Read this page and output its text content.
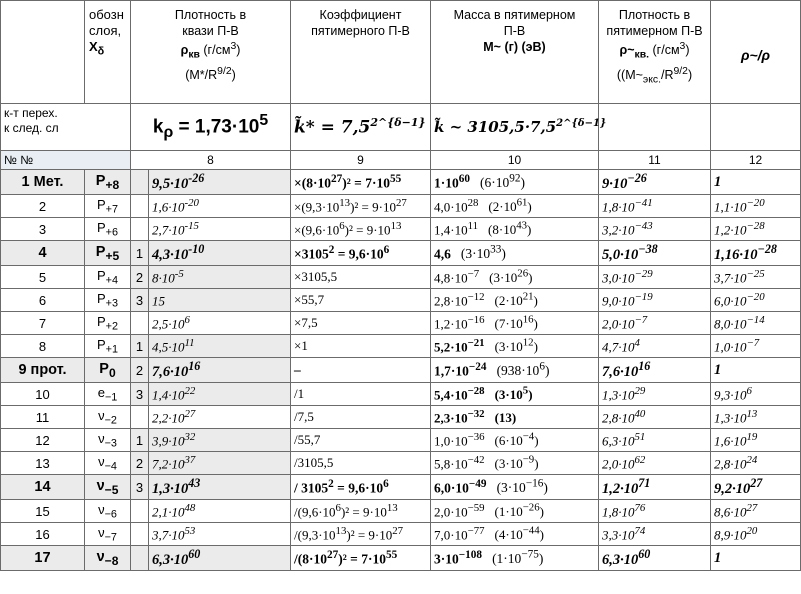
	обозн
слоя,
$X_\delta$	Плотность в
квази П-В
$\rho_{кв}$ $(г/см^3)$
$(M*/R^{9/2})$		Коэффициент
пятимерного П-В	Масса в пятимерном
П-В
M~ (г) (эВ)	Плотность в
пятимерном П-В
$\rho\sim_{кв.}$ $(г/см^3)$
($(M\sim_{экс.}/R^{9/2})$	ρ~/ρ
к-т перех.
к след. сл		$k_\rho = 1,73\cdot 10^5$		k̃* = $7,5^{2\^{}\{\delta-1\}}$	k̃ ~ $3105,5\cdot 7,5^{2\^{}\{\delta-1\}}$		
№ №		8		9	10	11	12
1 Мет.	$P_{+8}$		$9,5\cdot 10^{-26}$	$\times(8\cdot 10^{27})^2 = 7\cdot 10^{55}$	$1\cdot 10^{60}$ $(6\cdot 10^{92})$	$9\cdot 10^{-26}$	1
2	$P_{+7}$		$1,6\cdot 10^{-20}$	$\times(9,3\cdot 10^{13})^2 = 9\cdot 10^{27}$	$4,0\cdot 10^{28}$ $(2\cdot 10^{61})$	$1,8\cdot 10^{-41}$	$1,1\cdot 10^{-20}$
3	$P_{+6}$		$2,7\cdot 10^{-15}$	$\times(9,6\cdot 10^6)^2 = 9\cdot 10^{13}$	$1,4\cdot 10^{11}$ $(8\cdot 10^{43})$	$3,2\cdot 10^{-43}$	$1,2\cdot 10^{-28}$
4	$P_{+5}$	1	$4,3\cdot 10^{-10}$	$\times 3105^2 = 9,6\cdot 10^6$	4,6 $(3\cdot 10^{33})$	$5,0\cdot 10^{-38}$	$1,16\cdot 10^{-28}$
5	$P_{+4}$	2	$8\cdot 10^{-5}$	×3105,5	$4,8\cdot 10^{-7}$ $(3\cdot 10^{26})$	$3,0\cdot 10^{-29}$	$3,7\cdot 10^{-25}$
6	$P_{+3}$	3	15	×55,7	$2,8\cdot 10^{-12}$ $(2\cdot 10^{21})$	$9,0\cdot 10^{-19}$	$6,0\cdot 10^{-20}$
7	$P_{+2}$		$2,5\cdot 10^6$	×7,5	$1,2\cdot 10^{-16}$ $(7\cdot 10^{16})$	$2,0\cdot 10^{-7}$	$8,0\cdot 10^{-14}$
8	$P_{+1}$	1	$4,5\cdot 10^{11}$	×1	$5,2\cdot 10^{-21}$ $(3\cdot 10^{12})$	$4,7\cdot 10^4$	$1,0\cdot 10^{-7}$
9 прот.	$P_0$	2	$7,6\cdot 10^{16}$	–	$1,7\cdot 10^{-24}$ $(938\cdot 10^6)$	$7,6\cdot 10^{16}$	1
10	$e_{-1}$	3	$1,4\cdot 10^{22}$	/1	$5,4\cdot 10^{-28}$ $(3\cdot 10^5)$	$1,3\cdot 10^{29}$	$9,3\cdot 10^6$
11	$\nu_{-2}$		$2,2\cdot 10^{27}$	/7,5	$2,3\cdot 10^{-32}$ (13)	$2,8\cdot 10^{40}$	$1,3\cdot 10^{13}$
12	$\nu_{-3}$	1	$3,9\cdot 10^{32}$	/55,7	$1,0\cdot 10^{-36}$ $(6\cdot 10^{-4})$	$6,3\cdot 10^{51}$	$1,6\cdot 10^{19}$
13	$\nu_{-4}$	2	$7,2\cdot 10^{37}$	/3105,5	$5,8\cdot 10^{-42}$ $(3\cdot 10^{-9})$	$2,0\cdot 10^{62}$	$2,8\cdot 10^{24}$
14	$\nu_{-5}$	3	$1,3\cdot 10^{43}$	/ $3105^2 = 9,6\cdot 10^6$	$6,0\cdot 10^{-49}$ $(3\cdot 10^{-16})$	$1,2\cdot 10^{71}$	$9,2\cdot 10^{27}$
15	$\nu_{-6}$		$2,1\cdot 10^{48}$	$/(9,6\cdot 10^6)^2 = 9\cdot 10^{13}$	$2,0\cdot 10^{-59}$ $(1\cdot 10^{-26})$	$1,8\cdot 10^{76}$	$8,6\cdot 10^{27}$
16	$\nu_{-7}$		$3,7\cdot 10^{53}$	$/(9,3\cdot 10^{13})^2 = 9\cdot 10^{27}$	$7,0\cdot 10^{-77}$ $(4\cdot 10^{-44})$	$3,3\cdot 10^{74}$	$8,9\cdot 10^{20}$
17	$\nu_{-8}$		$6,3\cdot 10^{60}$	$/(8\cdot 10^{27})^2 = 7\cdot 10^{55}$	$3\cdot 10^{-108}$ $(1\cdot 10^{-75})$	$6,3\cdot 10^{60}$	1
